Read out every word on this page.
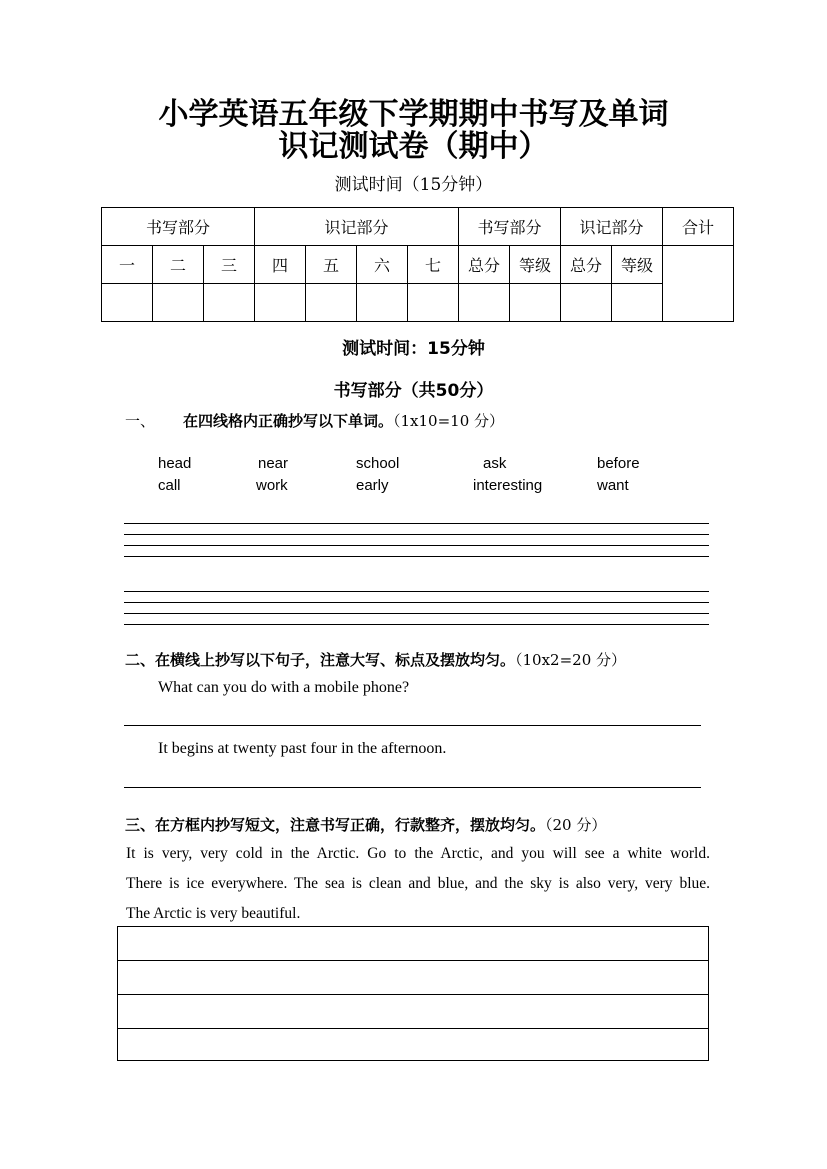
小学英语五年级下学期期中书写及单词
识记测试卷（期中）
测试时间（15分钟）
书写部分			识记部分				书写部分		识记部分		合计
一	二	三	四	五	六	七	总分	等级	总分	等级	

测试时间：15分钟
书写部分（共50分）
一、 在四线格内正确抄写以下单词。（1x10=10 分）
head	near	school	ask	before
call	work	early	interesting	want
二、在横线上抄写以下句子，注意大写、标点及摆放均匀。（10x2=20 分）
What can you do with a mobile phone?
It begins at twenty past four in the afternoon.
三、在方框内抄写短文，注意书写正确，行款整齐，摆放均匀。（20 分）
It is very, very cold in the Arctic. Go to the Arctic, and you will see a white world.
There is ice everywhere. The sea is clean and blue, and the sky is also very, very blue.
The Arctic is very beautiful.
